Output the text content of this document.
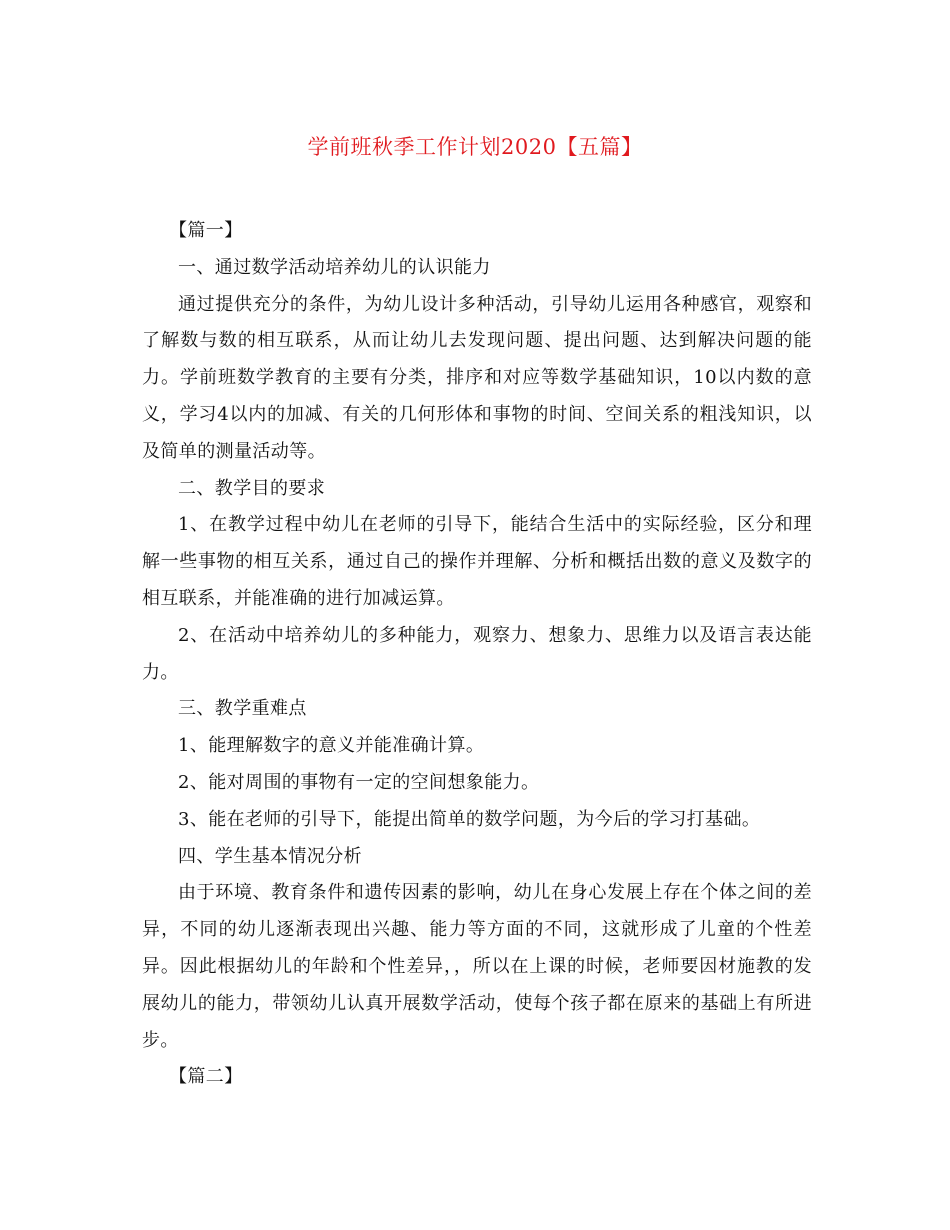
学前班秋季工作计划2020【五篇】

【篇一】

一、通过数学活动培养幼儿的认识能力

通过提供充分的条件，为幼儿设计多种活动，引导幼儿运用各种感官，观察和了解数与数的相互联系，从而让幼儿去发现问题、提出问题、达到解决问题的能力。学前班数学教育的主要有分类，排序和对应等数学基础知识，10以内数的意义，学习4以内的加减、有关的几何形体和事物的时间、空间关系的粗浅知识，以及简单的测量活动等。

二、教学目的要求

1、在教学过程中幼儿在老师的引导下，能结合生活中的实际经验，区分和理解一些事物的相互关系，通过自己的操作并理解、分析和概括出数的意义及数字的相互联系，并能准确的进行加减运算。

2、在活动中培养幼儿的多种能力，观察力、想象力、思维力以及语言表达能力。

三、教学重难点

1、能理解数字的意义并能准确计算。

2、能对周围的事物有一定的空间想象能力。

3、能在老师的引导下，能提出简单的数学问题，为今后的学习打基础。

四、学生基本情况分析

由于环境、教育条件和遗传因素的影响，幼儿在身心发展上存在个体之间的差异，不同的幼儿逐渐表现出兴趣、能力等方面的不同，这就形成了儿童的个性差异。因此根据幼儿的年龄和个性差异，，所以在上课的时候，老师要因材施教的发展幼儿的能力，带领幼儿认真开展数学活动，使每个孩子都在原来的基础上有所进步。

【篇二】
